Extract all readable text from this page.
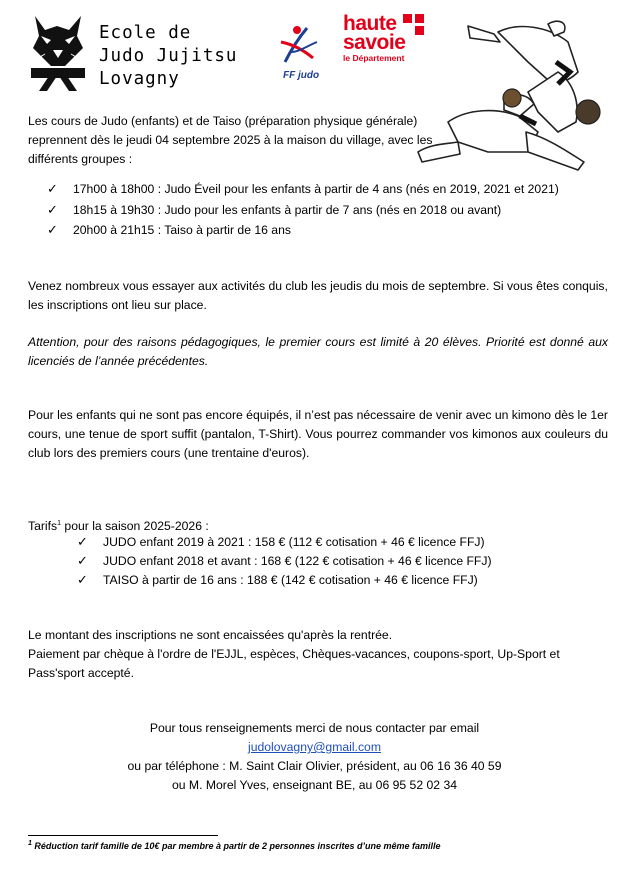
Ecole de
Judo Jujitsu
Lovagny	FF judo
haute
savoie
le Département

Les cours de Judo (enfants) et de Taiso (préparation physique générale) reprennent dès le jeudi 04 septembre 2025 à la maison du village, avec les différents groupes :

✓ 17h00 à 18h00 : Judo Éveil pour les enfants à partir de 4 ans (nés en 2019, 2021 et 2021)
✓ 18h15 à 19h30 : Judo pour les enfants à partir de 7 ans (nés en 2018 ou avant)
✓ 20h00 à 21h15 : Taiso à partir de 16 ans

Venez nombreux vous essayer aux activités du club les jeudis du mois de septembre. Si vous êtes conquis, les inscriptions ont lieu sur place.

Attention, pour des raisons pédagogiques, le premier cours est limité à 20 élèves. Priorité est donné aux licenciés de l’année précédentes.

Pour les enfants qui ne sont pas encore équipés, il n’est pas nécessaire de venir avec un kimono dès le 1er cours, une tenue de sport suffit (pantalon, T-Shirt). Vous pourrez commander vos kimonos aux couleurs du club lors des premiers cours (une trentaine d'euros).

Tarifs$^1$ pour la saison 2025-2026 :
✓ JUDO enfant 2019 à 2021 : 158 € (112 € cotisation + 46 € licence FFJ)
✓ JUDO enfant 2018 et avant : 168 € (122 € cotisation + 46 € licence FFJ)
✓ TAISO à partir de 16 ans : 188 € (142 € cotisation + 46 € licence FFJ)

Le montant des inscriptions ne sont encaissées qu'après la rentrée.

Paiement par chèque à l'ordre de l'EJJL, espèces, Chèques-vacances, coupons-sport, Up-Sport et Pass'sport accepté.

Pour tous renseignements merci de nous contacter par email
judolovagny@gmail.com
ou par téléphone : M. Saint Clair Olivier, président, au 06 16 36 40 59
ou M. Morel Yves, enseignant BE, au 06 95 52 02 34
$^1$ Réduction tarif famille de 10€ par membre à partir de 2 personnes inscrites d’une même famille
